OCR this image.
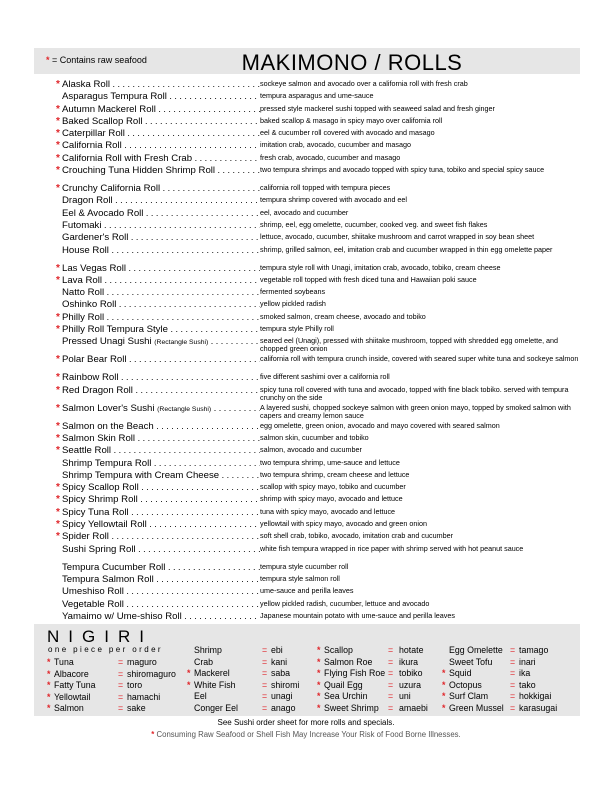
* = Contains raw seafood	MAKIMONO / ROLLS
* Alaska Roll . . .	sockeye salmon and avocado over a california roll with fresh crab
Asparagus Tempura Roll . . .	tempura asparagus and ume-sauce
* Autumn Mackerel Roll . . .	pressed style mackerel sushi topped with seaweed salad and fresh ginger
* Baked Scallop Roll . . .	baked scallop & masago in spicy mayo over california roll
* Caterpillar Roll . . .	eel & cucumber roll covered with avocado and masago
* California Roll . . .	imitation crab, avocado, cucumber and masago
* California Roll with Fresh Crab . . .	fresh crab, avocado, cucumber and masago
* Crouching Tuna Hidden Shrimp Roll . . .	two tempura shrimps and avocado topped with spicy tuna, tobiko and special spicy sauce
* Crunchy California Roll . . .	california roll topped with tempura pieces
Dragon Roll . . .	tempura shrimp covered with avocado and eel
Eel & Avocado Roll . . .	eel, avocado and cucumber
Futomaki . . .	shrimp, eel, egg omelette, cucumber, cooked veg. and sweet fish flakes
Gardener's Roll . . .	lettuce, avocado, cucumber, shiitake mushroom and carrot wrapped in soy bean sheet
House Roll . . .	shrimp, grilled salmon, eel, imitation crab and cucumber wrapped in thin egg omelette paper
* Las Vegas Roll . . .	tempura style roll with Unagi, imitation crab, avocado, tobiko, cream cheese
* Lava Roll . . .	vegetable roll topped with fresh diced tuna and Hawaiian poki sauce
Natto Roll . . .	fermented soybeans
Oshinko Roll . . .	yellow pickled radish
* Philly Roll . . .	smoked salmon, cream cheese, avocado and tobiko
* Philly Roll Tempura Style . . .	tempura style Philly roll
Pressed Unagi Sushi (Rectangle Sushi) . . .	seared eel (Unagi), pressed with shiitake mushroom, topped with shredded egg omelette, and chopped green onion
* Polar Bear Roll . . .	california roll with tempura crunch inside, covered with seared super white tuna and sockeye salmon
* Rainbow Roll . . .	five different sashimi over a california roll
* Red Dragon Roll . . .	spicy tuna roll covered with tuna and avocado, topped with fine black tobiko. served with tempura crunchy on the side
* Salmon Lover's Sushi (Rectangle Sushi) . . .	A layered sushi, chopped sockeye salmon with green onion mayo, topped by smoked salmon with capers and creamy lemon sauce
* Salmon on the Beach . . .	egg omelette, green onion, avocado and mayo covered with seared salmon
* Salmon Skin Roll . . .	salmon skin, cucumber and tobiko
* Seattle Roll . . .	salmon, avocado and cucumber
Shrimp Tempura Roll . . .	two tempura shrimp, ume-sauce and lettuce
Shrimp Tempura with Cream Cheese . . .	two tempura shrimp, cream cheese and lettuce
* Spicy Scallop Roll . . .	scallop with spicy mayo, tobiko and cucumber
* Spicy Shrimp Roll . . .	shrimp with spicy mayo, avocado and lettuce
* Spicy Tuna Roll . . .	tuna with spicy mayo, avocado and lettuce
* Spicy Yellowtail Roll . . .	yellowtail with spicy mayo, avocado and green onion
* Spider Roll . . .	soft shell crab, tobiko, avocado, imitation crab and cucumber
Sushi Spring Roll . . .	white fish tempura wrapped in rice paper with shrimp served with hot peanut sauce
Tempura Cucumber Roll . . .	tempura style cucumber roll
Tempura Salmon Roll . . .	tempura style salmon roll
Umeshiso Roll . . .	ume-sauce and perilla leaves
Vegetable Roll . . .	yellow pickled radish, cucumber, lettuce and avocado
Yamaimo w/ Ume-shiso Roll . . .	Japanese mountain potato with ume-sauce and perilla leaves
NIGIRI
one piece per order
* Tuna	= maguro
* Albacore	= shiromaguro
* Fatty Tuna	= toro
* Yellowtail	= hamachi
* Salmon	= sake
Shrimp	= ebi
Crab	= kani
* Mackerel	= saba
* White Fish	= shiromi
Eel	= unagi
Conger Eel	= anago
* Scallop	= hotate
* Salmon Roe = ikura
* Flying Fish Roe = tobiko
* Quail Egg	= uzura
* Sea Urchin = uni
* Sweet Shrimp = amaebi
Egg Omelette = tamago
Sweet Tofu = inari
* Squid	= ika
* Octopus	= tako
* Surf Clam = hokkigai
* Green Mussel = karasugai
See Sushi order sheet for more rolls and specials.
* Consuming Raw Seafood or Shell Fish May Increase Your Risk of Food Borne Illnesses.
